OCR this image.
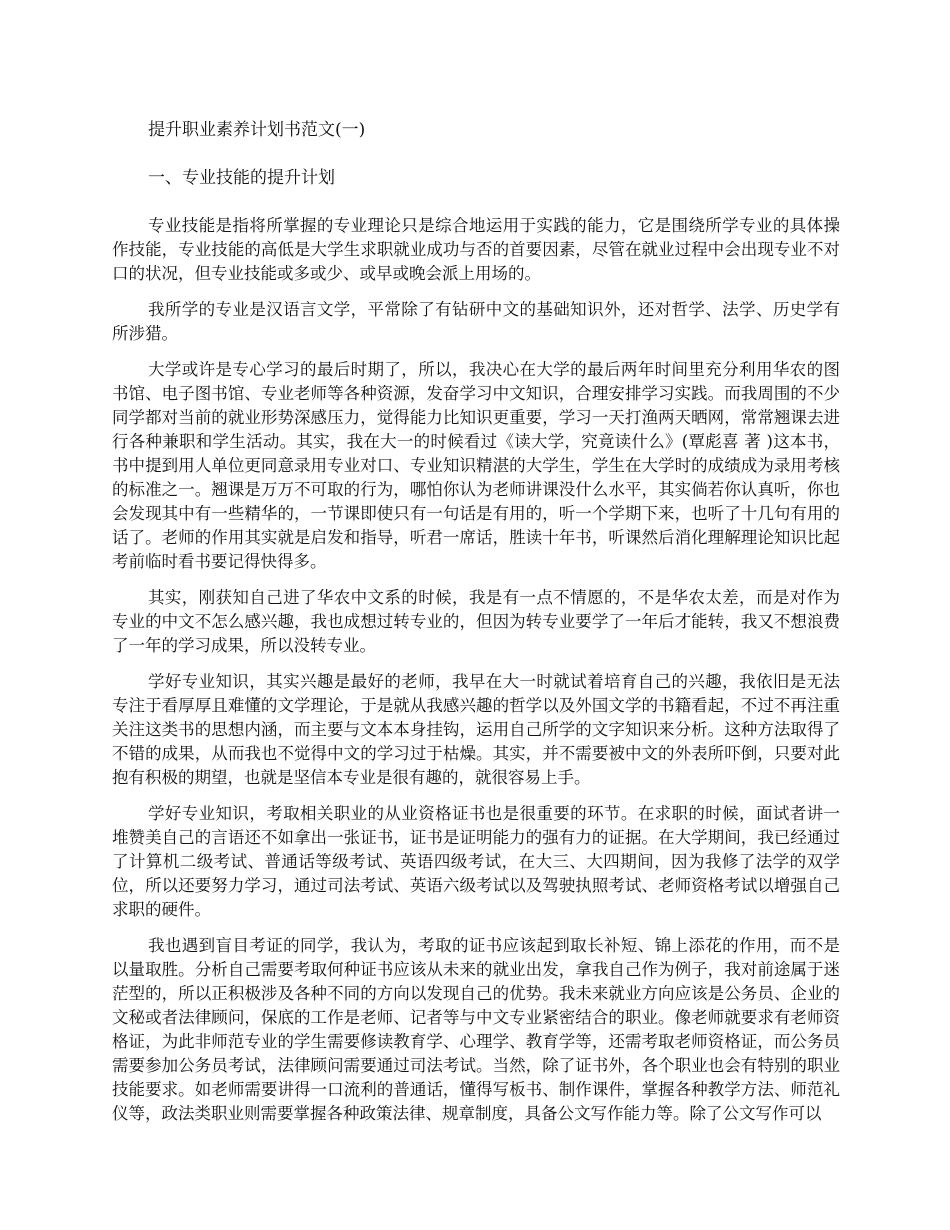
提升职业素养计划书范文(一)
一、专业技能的提升计划

专业技能是指将所掌握的专业理论只是综合地运用于实践的能力，它是围绕所学专业的具体操作技能，专业技能的高低是大学生求职就业成功与否的首要因素，尽管在就业过程中会出现专业不对口的状况，但专业技能或多或少、或早或晚会派上用场的。

我所学的专业是汉语言文学，平常除了有钻研中文的基础知识外，还对哲学、法学、历史学有所涉猎。

大学或许是专心学习的最后时期了，所以，我决心在大学的最后两年时间里充分利用华农的图书馆、电子图书馆、专业老师等各种资源，发奋学习中文知识，合理安排学习实践。而我周围的不少同学都对当前的就业形势深感压力，觉得能力比知识更重要，学习一天打渔两天晒网，常常翘课去进行各种兼职和学生活动。其实，我在大一的时候看过《读大学，究竟读什么》(覃彪喜 著 )这本书，书中提到用人单位更同意录用专业对口、专业知识精湛的大学生，学生在大学时的成绩成为录用考核的标准之一。翘课是万万不可取的行为，哪怕你认为老师讲课没什么水平，其实倘若你认真听，你也会发现其中有一些精华的，一节课即使只有一句话是有用的，听一个学期下来，也听了十几句有用的话了。老师的作用其实就是启发和指导，听君一席话，胜读十年书，听课然后消化理解理论知识比起考前临时看书要记得快得多。

其实，刚获知自己进了华农中文系的时候，我是有一点不情愿的，不是华农太差，而是对作为专业的中文不怎么感兴趣，我也成想过转专业的，但因为转专业要学了一年后才能转，我又不想浪费了一年的学习成果，所以没转专业。

学好专业知识，其实兴趣是最好的老师，我早在大一时就试着培育自己的兴趣，我依旧是无法专注于看厚厚且难懂的文学理论，于是就从我感兴趣的哲学以及外国文学的书籍看起，不过不再注重关注这类书的思想内涵，而主要与文本本身挂钩，运用自己所学的文字知识来分析。这种方法取得了不错的成果，从而我也不觉得中文的学习过于枯燥。其实，并不需要被中文的外表所吓倒，只要对此抱有积极的期望，也就是坚信本专业是很有趣的，就很容易上手。

学好专业知识，考取相关职业的从业资格证书也是很重要的环节。在求职的时候，面试者讲一堆赞美自己的言语还不如拿出一张证书，证书是证明能力的强有力的证据。在大学期间，我已经通过了计算机二级考试、普通话等级考试、英语四级考试，在大三、大四期间，因为我修了法学的双学位，所以还要努力学习，通过司法考试、英语六级考试以及驾驶执照考试、老师资格考试以增强自己求职的硬件。

我也遇到盲目考证的同学，我认为，考取的证书应该起到取长补短、锦上添花的作用，而不是以量取胜。分析自己需要考取何种证书应该从未来的就业出发，拿我自己作为例子，我对前途属于迷茫型的，所以正积极涉及各种不同的方向以发现自己的优势。我未来就业方向应该是公务员、企业的文秘或者法律顾问，保底的工作是老师、记者等与中文专业紧密结合的职业。像老师就要求有老师资格证，为此非师范专业的学生需要修读教育学、心理学、教育学等，还需考取老师资格证，而公务员需要参加公务员考试，法律顾问需要通过司法考试。当然，除了证书外，各个职业也会有特别的职业技能要求。如老师需要讲得一口流利的普通话，懂得写板书、制作课件，掌握各种教学方法、师范礼仪等，政法类职业则需要掌握各种政策法律、规章制度，具备公文写作能力等。除了公文写作可以
